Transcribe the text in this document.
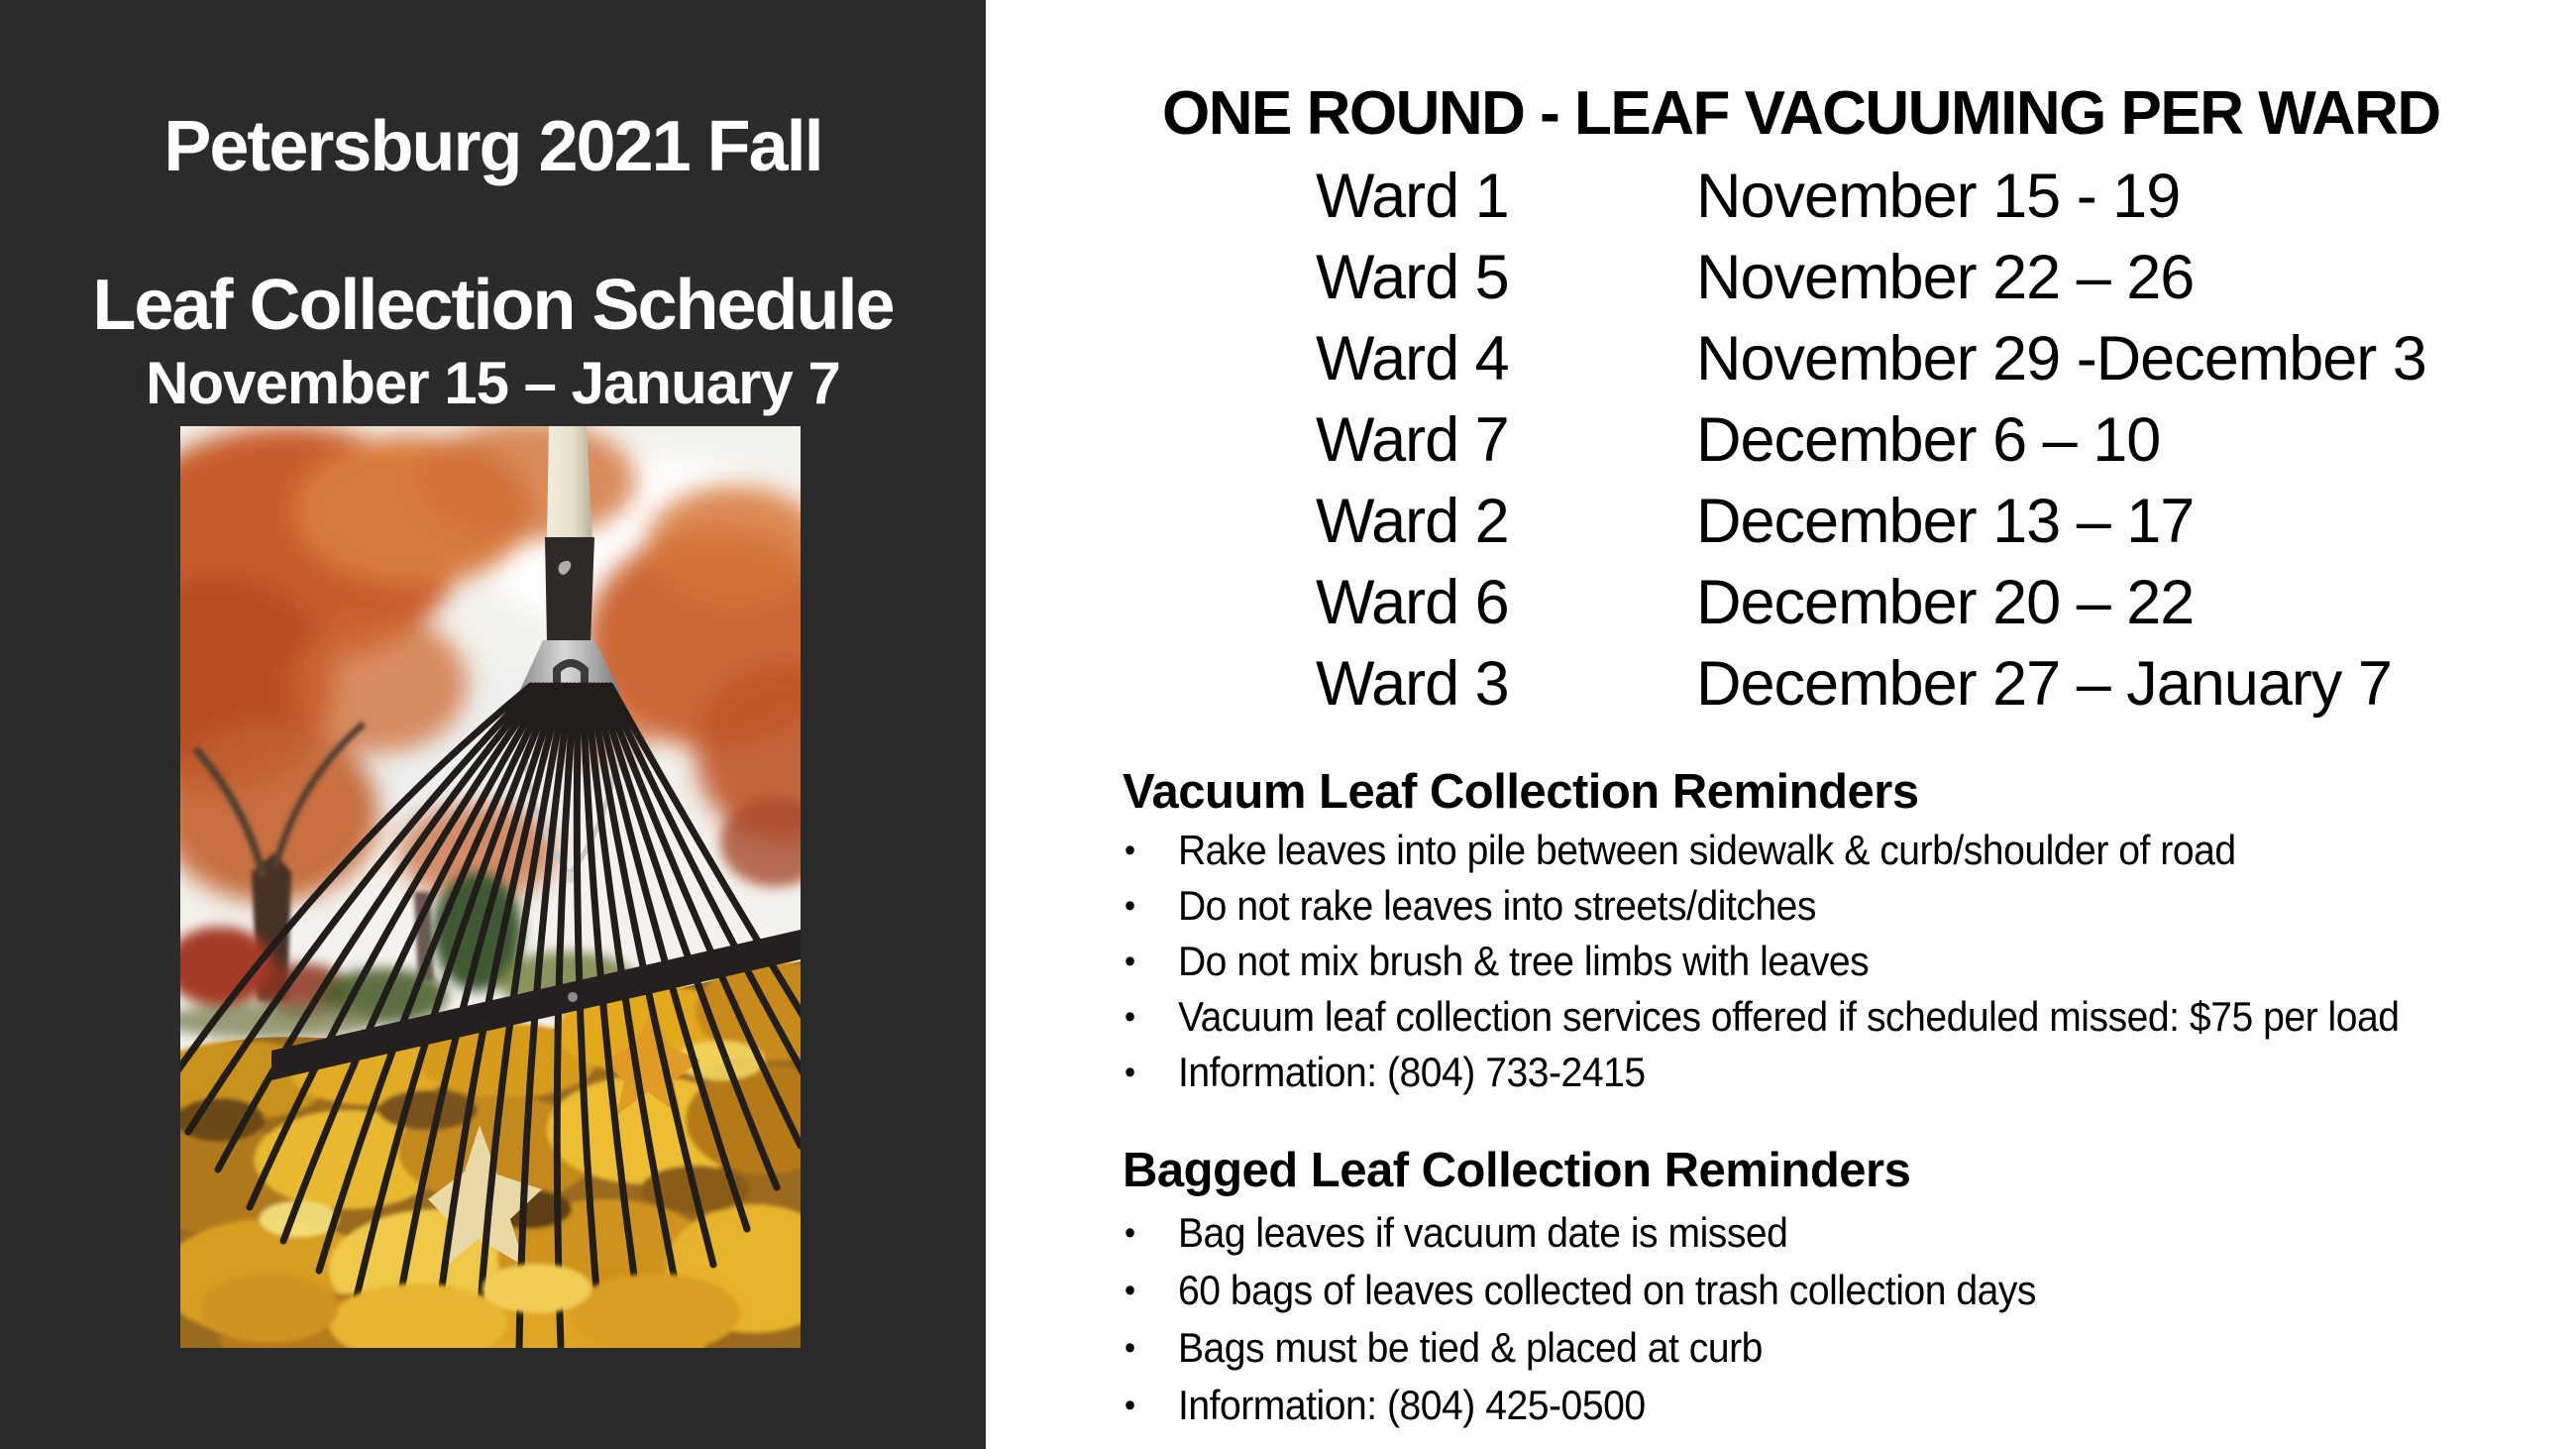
Petersburg 2021 Fall

Leaf Collection Schedule
November 15 – January 7
ONE ROUND - LEAF VACUUMING PER WARD
Ward 1	November 15 - 19
Ward 5	November 22 – 26
Ward 4	November 29 -December 3
Ward 7	December 6 – 10
Ward 2	December 13 – 17
Ward 6	December 20 – 22
Ward 3	December 27 – January 7
Vacuum Leaf Collection Reminders
• Rake leaves into pile between sidewalk & curb/shoulder of road
• Do not rake leaves into streets/ditches
• Do not mix brush & tree limbs with leaves
• Vacuum leaf collection services offered if scheduled missed: $75 per load
• Information: (804) 733-2415
Bagged Leaf Collection Reminders
• Bag leaves if vacuum date is missed
• 60 bags of leaves collected on trash collection days
• Bags must be tied & placed at curb
• Information: (804) 425-0500
